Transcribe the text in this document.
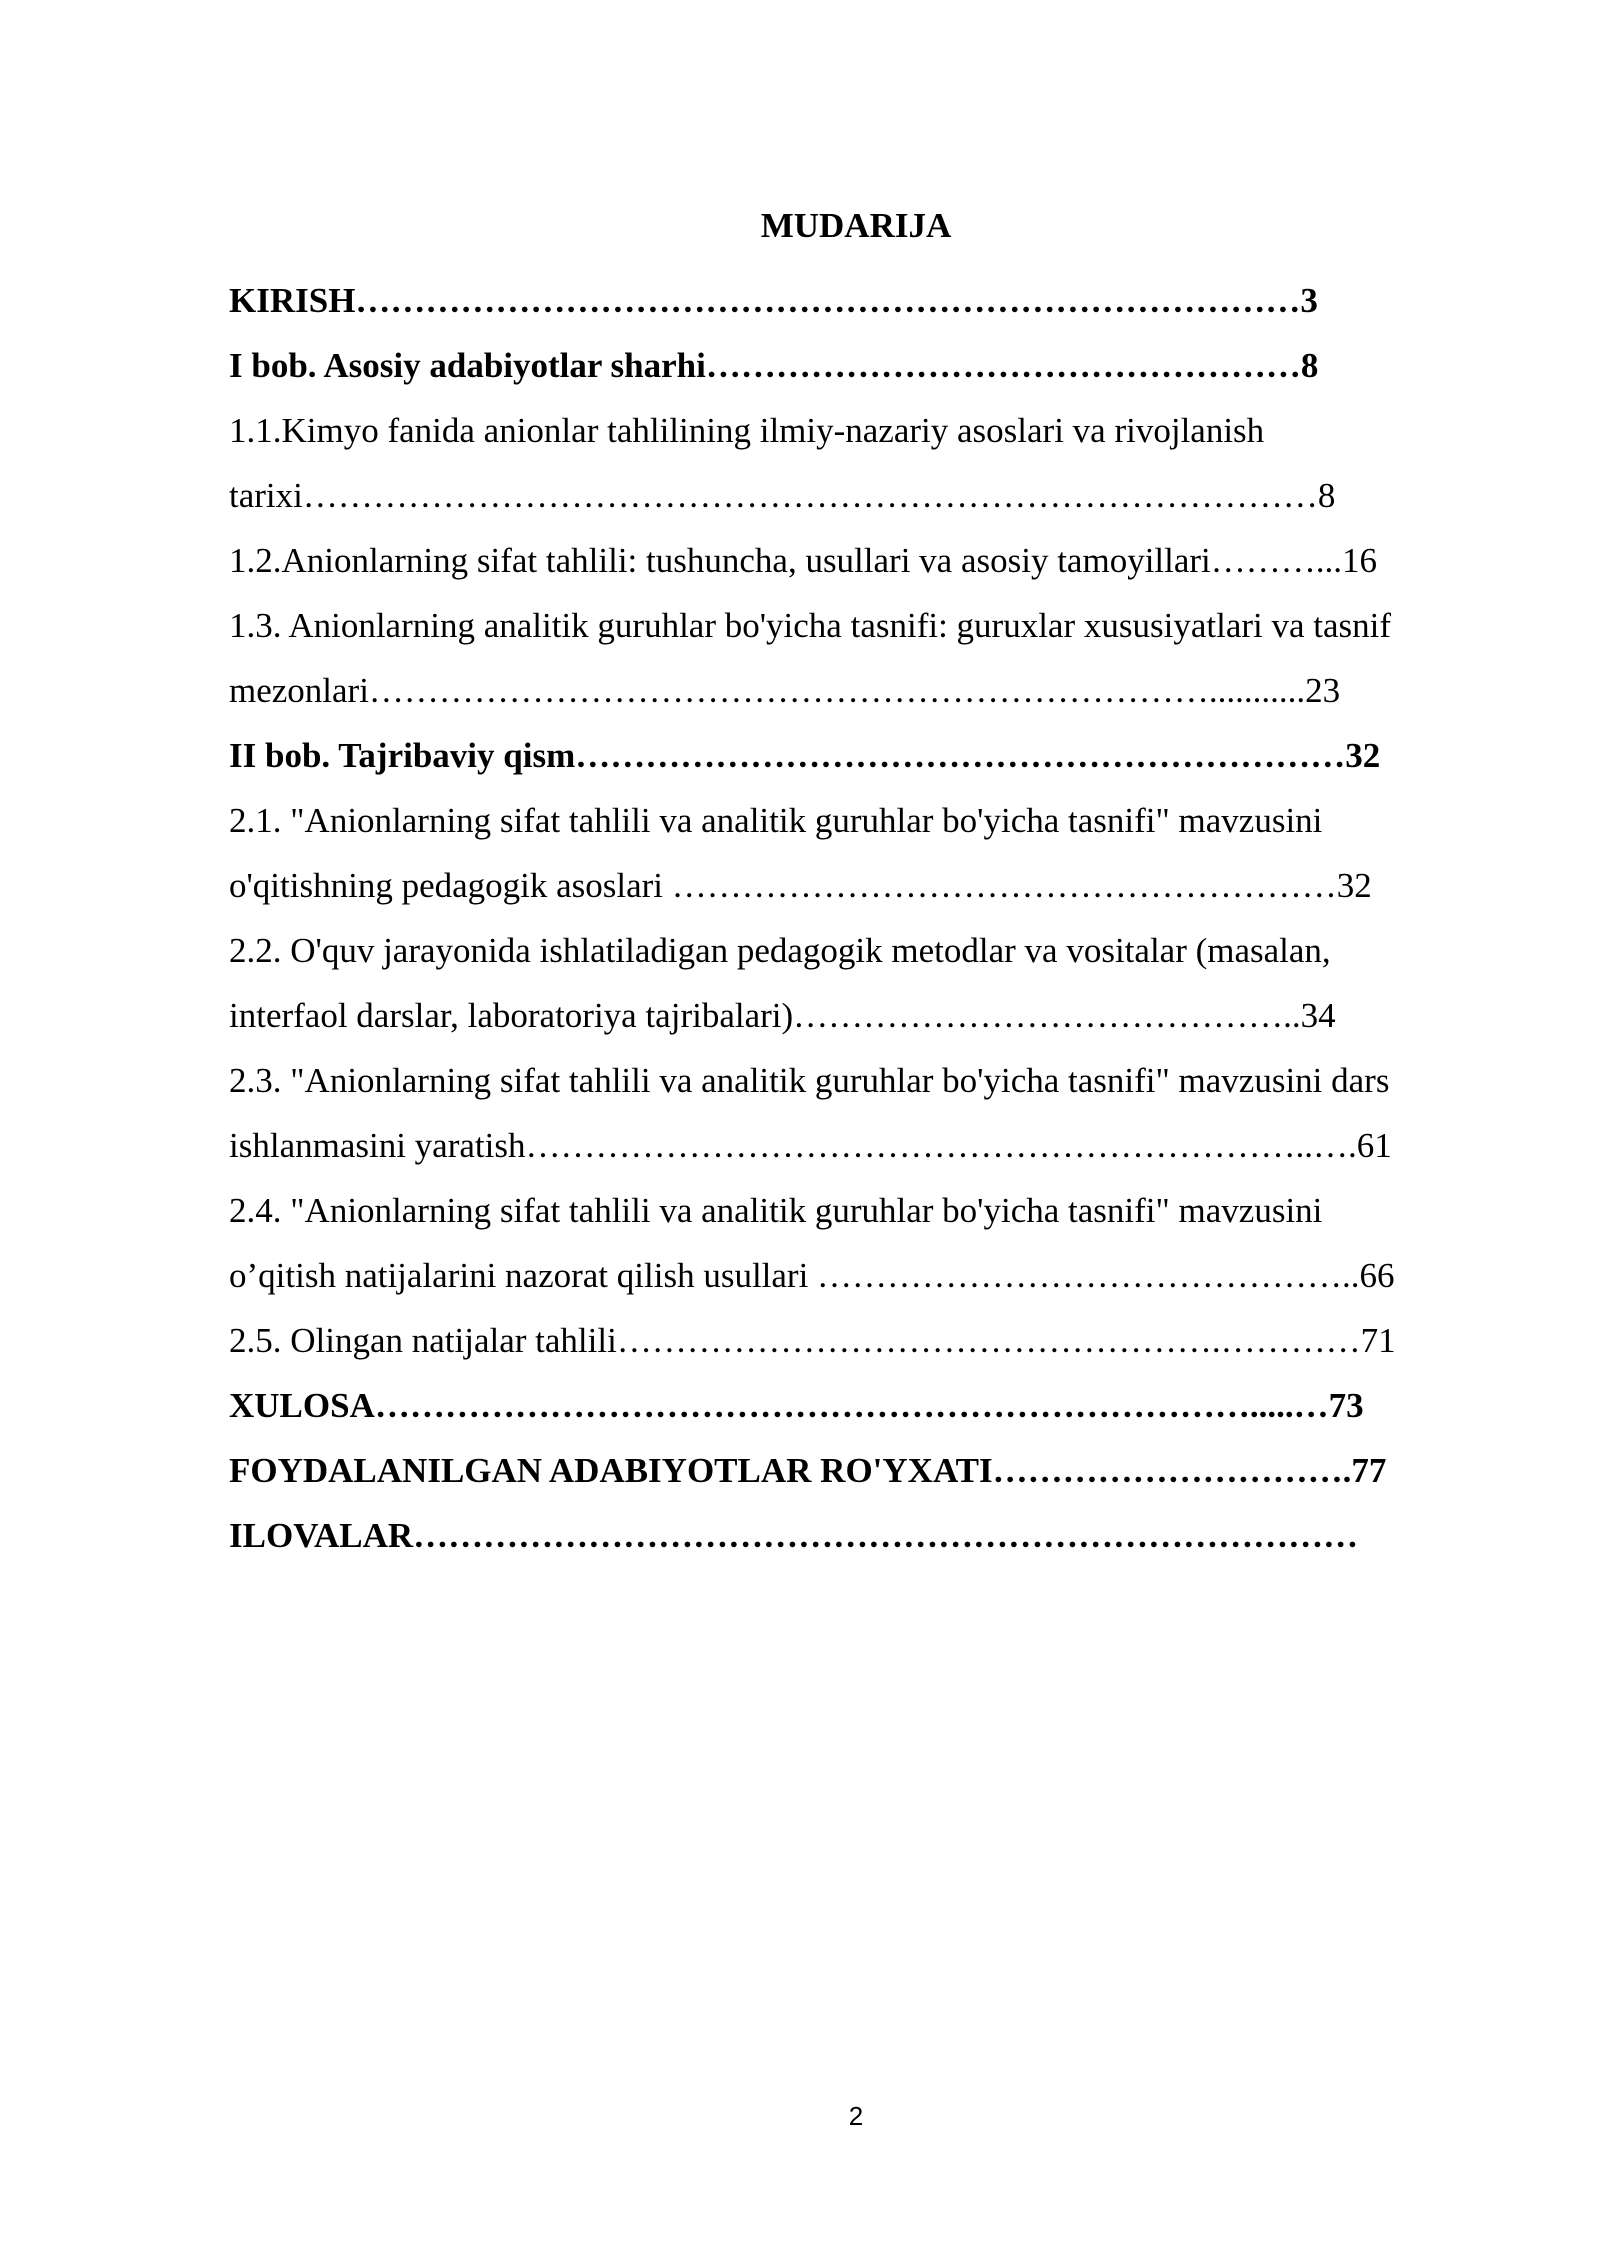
MUDARIJA
KIRISH………………………………………………………………………3
I bob. Asosiy adabiyotlar sharhi……………………………………………8
1.1.Kimyo fanida anionlar tahlilining ilmiy-nazariy asoslari va rivojlanish
tarixi……………………………………………………………………………8
1.2.Anionlarning sifat tahlili: tushuncha, usullari va asosiy tamoyillari………...16
1.3. Anionlarning analitik guruhlar bo'yicha tasnifi: guruxlar xususiyatlari va tasnif
mezonlari………………………………………………………………...........23
II bob. Tajribaviy qism…………………………………………………………32
2.1. "Anionlarning sifat tahlili va analitik guruhlar bo'yicha tasnifi" mavzusini
o'qitishning pedagogik asoslari …………………………………………………32
2.2. O'quv jarayonida ishlatiladigan pedagogik metodlar va vositalar (masalan,
interfaol darslar, laboratoriya tajribalari)……………………………………..34
2.3. "Anionlarning sifat tahlili va analitik guruhlar bo'yicha tasnifi" mavzusini dars
ishlanmasini yaratish…………………………………………………………..….61
2.4. "Anionlarning sifat tahlili va analitik guruhlar bo'yicha tasnifi" mavzusini
o’qitish natijalarini nazorat qilish usullari ………………………………………..66
2.5. Olingan natijalar tahlili…………………………………………….…………71
XULOSA………………………………………………………………….....…73
FOYDALANILGAN ADABIYOTLAR RO'YXATI………………………….77
ILOVALAR………………………………………………………………………
2
